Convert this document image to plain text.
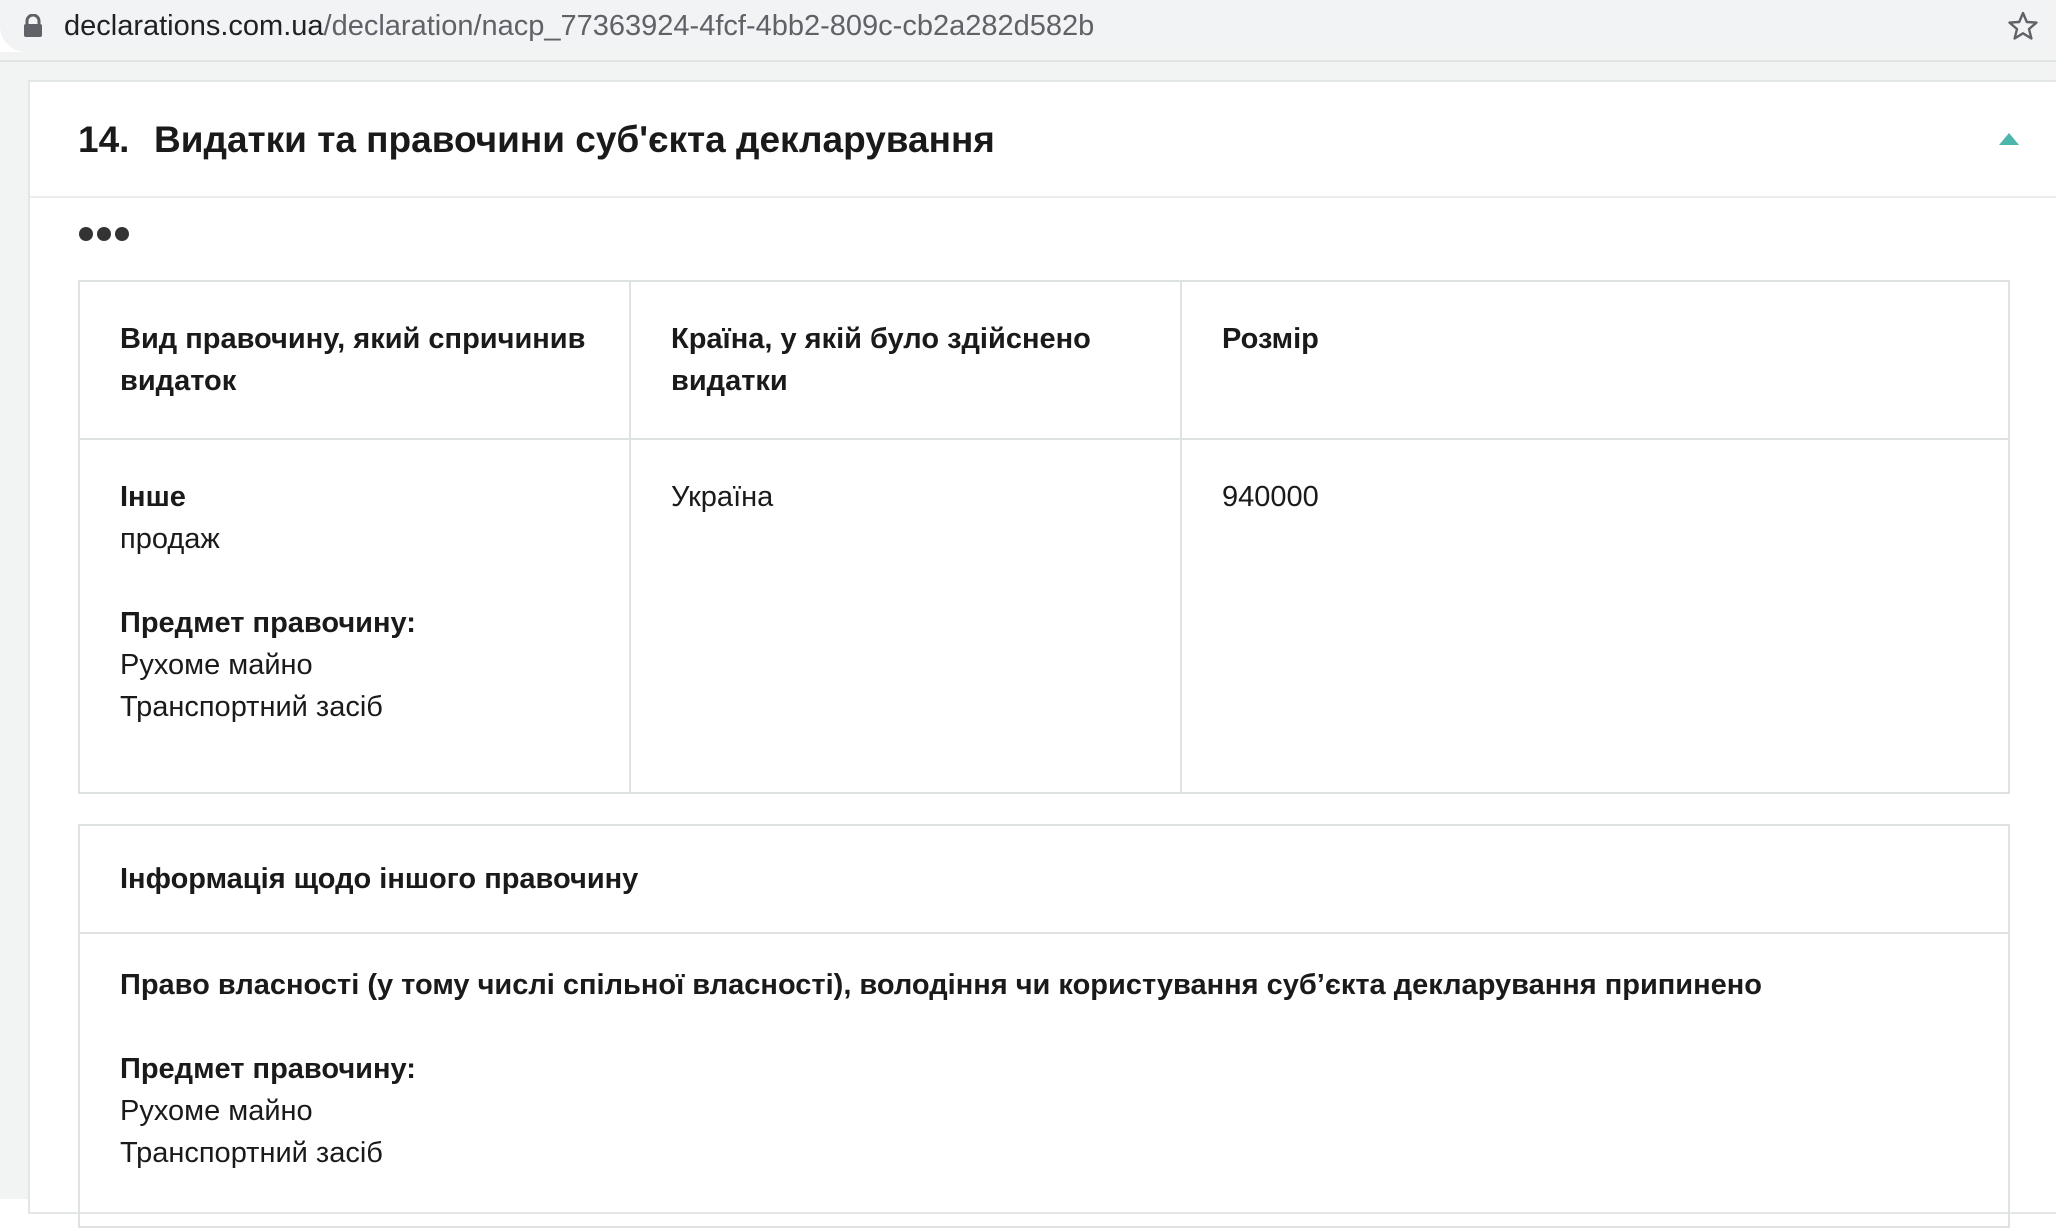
declarations.com.ua/declaration/nacp_77363924-4fcf-4bb2-809c-cb2a282d582b
14. Видатки та правочини суб'єкта декларування
Вид правочину, який спричинив видаток	Країна, у якій було здійснено видатки	Розмір

Інше
продаж
Предмет правочину:
Рухоме майно
Транспортний засіб	Україна	940000
Інформація щодо іншого правочину
Право власності (у тому числі спільної власності), володіння чи користування суб’єкта декларування припинено
Предмет правочину:
Рухоме майно
Транспортний засіб
